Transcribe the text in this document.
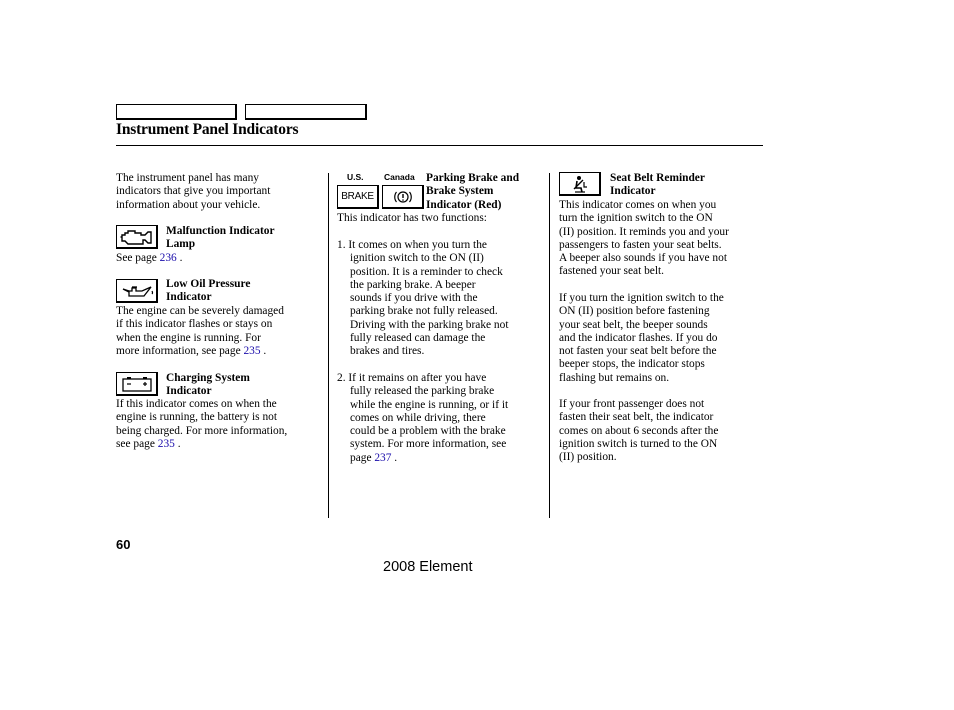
Instrument Panel Indicators
The instrument panel has many
indicators that give you important
information about your vehicle.
Malfunction Indicator
Lamp
See page 236 .
Low Oil Pressure
Indicator
The engine can be severely damaged
if this indicator flashes or stays on
when the engine is running. For
more information, see page 235 .
Charging System
Indicator
If this indicator comes on when the
engine is running, the battery is not
being charged. For more information,
see page 235 .
U.S. Canada
BRAKE
Parking Brake and
Brake System
Indicator (Red)
This indicator has two functions:
1. It comes on when you turn the
ignition switch to the ON (II)
position. It is a reminder to check
the parking brake. A beeper
sounds if you drive with the
parking brake not fully released.
Driving with the parking brake not
fully released can damage the
brakes and tires.
2. If it remains on after you have
fully released the parking brake
while the engine is running, or if it
comes on while driving, there
could be a problem with the brake
system. For more information, see
page 237 .
Seat Belt Reminder
Indicator
This indicator comes on when you
turn the ignition switch to the ON
(II) position. It reminds you and your
passengers to fasten your seat belts.
A beeper also sounds if you have not
fastened your seat belt.
If you turn the ignition switch to the
ON (II) position before fastening
your seat belt, the beeper sounds
and the indicator flashes. If you do
not fasten your seat belt before the
beeper stops, the indicator stops
flashing but remains on.
If your front passenger does not
fasten their seat belt, the indicator
comes on about 6 seconds after the
ignition switch is turned to the ON
(II) position.
60
2008 Element
